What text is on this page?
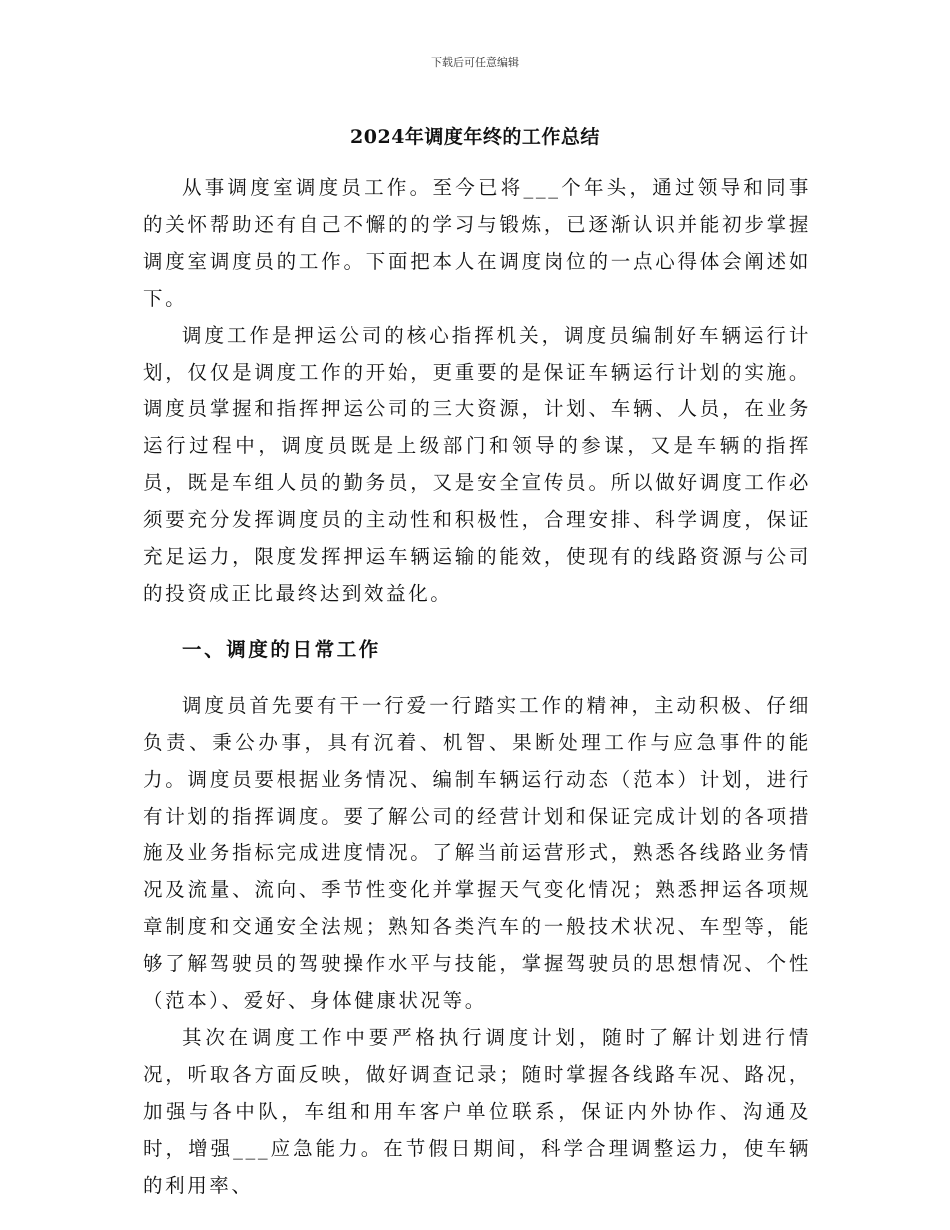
下载后可任意编辑
2024年调度年终的工作总结

从事调度室调度员工作。至今已将___个年头，通过领导和同事的关怀帮助还有自己不懈的的学习与锻炼，已逐渐认识并能初步掌握调度室调度员的工作。下面把本人在调度岗位的一点心得体会阐述如下。

调度工作是押运公司的核心指挥机关，调度员编制好车辆运行计划，仅仅是调度工作的开始，更重要的是保证车辆运行计划的实施。调度员掌握和指挥押运公司的三大资源，计划、车辆、人员，在业务运行过程中，调度员既是上级部门和领导的参谋，又是车辆的指挥员，既是车组人员的勤务员，又是安全宣传员。所以做好调度工作必须要充分发挥调度员的主动性和积极性，合理安排、科学调度，保证充足运力，限度发挥押运车辆运输的能效，使现有的线路资源与公司的投资成正比最终达到效益化。

一、调度的日常工作

调度员首先要有干一行爱一行踏实工作的精神，主动积极、仔细负责、秉公办事，具有沉着、机智、果断处理工作与应急事件的能力。调度员要根据业务情况、编制车辆运行动态（范本）计划，进行有计划的指挥调度。要了解公司的经营计划和保证完成计划的各项措施及业务指标完成进度情况。了解当前运营形式，熟悉各线路业务情况及流量、流向、季节性变化并掌握天气变化情况；熟悉押运各项规章制度和交通安全法规；熟知各类汽车的一般技术状况、车型等，能够了解驾驶员的驾驶操作水平与技能，掌握驾驶员的思想情况、个性（范本）、爱好、身体健康状况等。

其次在调度工作中要严格执行调度计划，随时了解计划进行情况，听取各方面反映，做好调查记录；随时掌握各线路车况、路况，加强与各中队，车组和用车客户单位联系，保证内外协作、沟通及时，增强___应急能力。在节假日期间，科学合理调整运力，使车辆的利用率、
